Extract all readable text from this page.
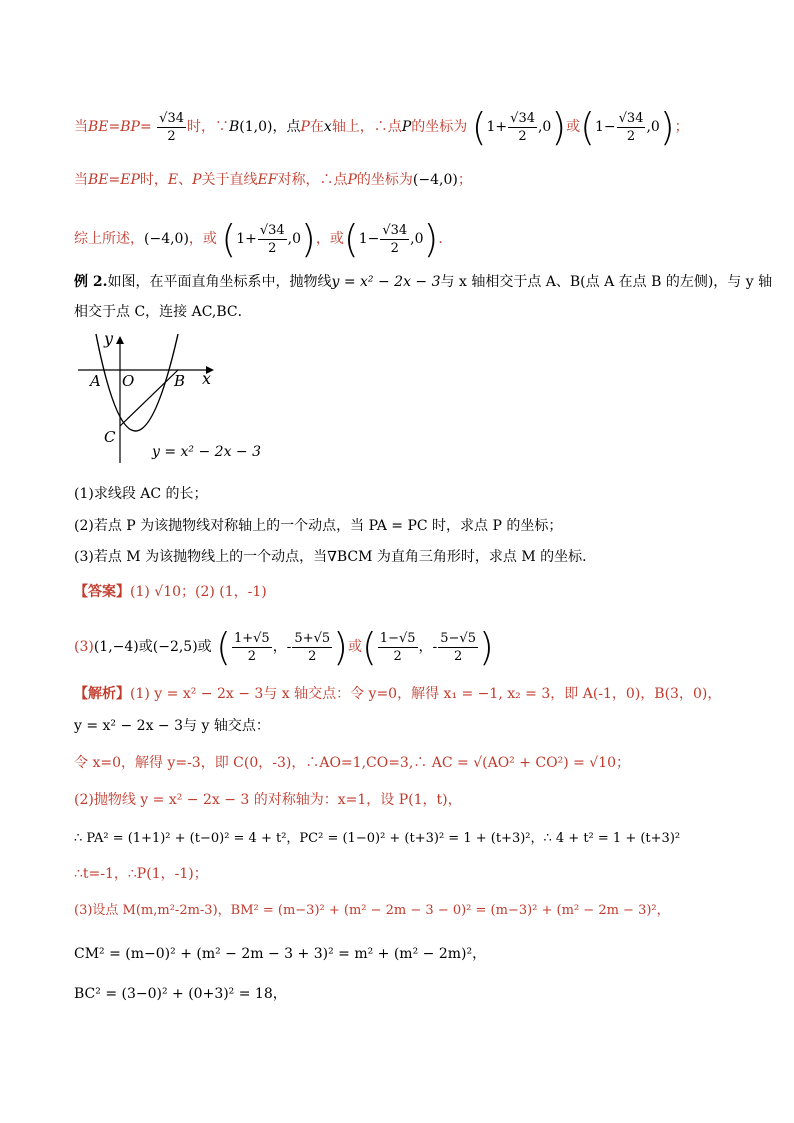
当$BE=BP= \frac{√34}{2}$ 时，∵B(1,0)，点P在x轴上，∴点P的坐标为 $(1+ \frac{√34}{2} ,0)$或$(1- \frac{√34}{2} ,0)$；
当BE=EP时，E、P关于直线EF对称，∴点P的坐标为(−4,0)；
综上所述，(−4,0)，或 $(1+ \frac{√34}{2} ,0)$，或$(1- \frac{√34}{2} ,0)$．
例 2.如图，在平面直角坐标系中，抛物线y = x² − 2x − 3与 x 轴相交于点 A、B(点 A 在点 B 的左侧)，与 y 轴
相交于点 C，连接 AC,BC．
y
x
A O	B
C
y = x² − 2x − 3
(1)求线段 AC 的长；
(2)若点 P 为该抛物线对称轴上的一个动点，当 PA = PC 时，求点 P 的坐标；
(3)若点 M 为该抛物线上的一个动点，当∇BCM 为直角三角形时，求点 M 的坐标．
【答案】(1) √10；(2) (1，-1)
(3)(1,−4)或(−2,5)或 ( $\frac{1+√5}{2}$ ，- $\frac{5+√5}{2}$ )或( $\frac{1-√5}{2}$ ，- $\frac{5-√5}{2}$ )
【解析】(1) y = x² − 2x − 3与 x 轴交点：令 y=0，解得 x₁ = −1, x₂ = 3，即 A(-1，0)，B(3，0)，
y = x² − 2x − 3与 y 轴交点：
令 x=0，解得 y=-3，即 C(0，-3)，∴AO=1,CO=3,∴ AC = √(AO² + CO²) = √10；
(2)抛物线 y = x² − 2x − 3 的对称轴为：x=1，设 P(1，t)，
∴ PA² = (1+1)² + (t−0)² = 4 + t²，PC² = (1−0)² + (t+3)² = 1 + (t+3)²，∴ 4 + t² = 1 + (t+3)²
∴t=-1，∴P(1，-1)；
(3)设点 M(m,m²-2m-3)，BM² = (m−3)² + (m² − 2m − 3 − 0)² = (m−3)² + (m² − 2m − 3)²，
CM² = (m−0)² + (m² − 2m − 3 + 3)² = m² + (m² − 2m)²，
BC² = (3−0)² + (0+3)² = 18，
